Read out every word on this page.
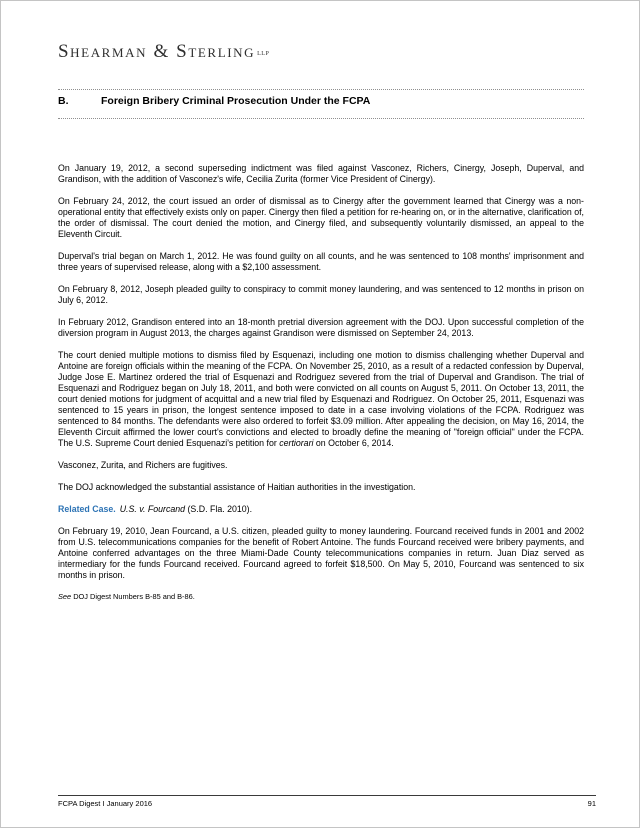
Shearman & Sterling llp
B.	Foreign Bribery Criminal Prosecution Under the FCPA

On January 19, 2012, a second superseding indictment was filed against Vasconez, Richers, Cinergy, Joseph, Duperval, and Grandison, with the addition of Vasconez's wife, Cecilia Zurita (former Vice President of Cinergy).

On February 24, 2012, the court issued an order of dismissal as to Cinergy after the government learned that Cinergy was a non-operational entity that effectively exists only on paper. Cinergy then filed a petition for re-hearing on, or in the alternative, clarification of, the order of dismissal. The court denied the motion, and Cinergy filed, and subsequently voluntarily dismissed, an appeal to the Eleventh Circuit.

Duperval's trial began on March 1, 2012. He was found guilty on all counts, and he was sentenced to 108 months' imprisonment and three years of supervised release, along with a $2,100 assessment.

On February 8, 2012, Joseph pleaded guilty to conspiracy to commit money laundering, and was sentenced to 12 months in prison on July 6, 2012.

In February 2012, Grandison entered into an 18-month pretrial diversion agreement with the DOJ. Upon successful completion of the diversion program in August 2013, the charges against Grandison were dismissed on September 24, 2013.

The court denied multiple motions to dismiss filed by Esquenazi, including one motion to dismiss challenging whether Duperval and Antoine are foreign officials within the meaning of the FCPA. On November 25, 2010, as a result of a redacted confession by Duperval, Judge Jose E. Martinez ordered the trial of Esquenazi and Rodriguez severed from the trial of Duperval and Grandison. The trial of Esquenazi and Rodriguez began on July 18, 2011, and both were convicted on all counts on August 5, 2011. On October 13, 2011, the court denied motions for judgment of acquittal and a new trial filed by Esquenazi and Rodriguez. On October 25, 2011, Esquenazi was sentenced to 15 years in prison, the longest sentence imposed to date in a case involving violations of the FCPA. Rodriguez was sentenced to 84 months. The defendants were also ordered to forfeit $3.09 million. After appealing the decision, on May 16, 2014, the Eleventh Circuit affirmed the lower court's convictions and elected to broadly define the meaning of "foreign official" under the FCPA. The U.S. Supreme Court denied Esquenazi's petition for certiorari on October 6, 2014.

Vasconez, Zurita, and Richers are fugitives.

The DOJ acknowledged the substantial assistance of Haitian authorities in the investigation.

Related Case. U.S. v. Fourcand (S.D. Fla. 2010).

On February 19, 2010, Jean Fourcand, a U.S. citizen, pleaded guilty to money laundering. Fourcand received funds in 2001 and 2002 from U.S. telecommunications companies for the benefit of Robert Antoine. The funds Fourcand received were bribery payments, and Antoine conferred advantages on the three Miami-Dade County telecommunications companies in return. Juan Diaz served as intermediary for the funds Fourcand received. Fourcand agreed to forfeit $18,500. On May 5, 2010, Fourcand was sentenced to six months in prison.

See DOJ Digest Numbers B-85 and B-86.

FCPA Digest I January 2016	91
